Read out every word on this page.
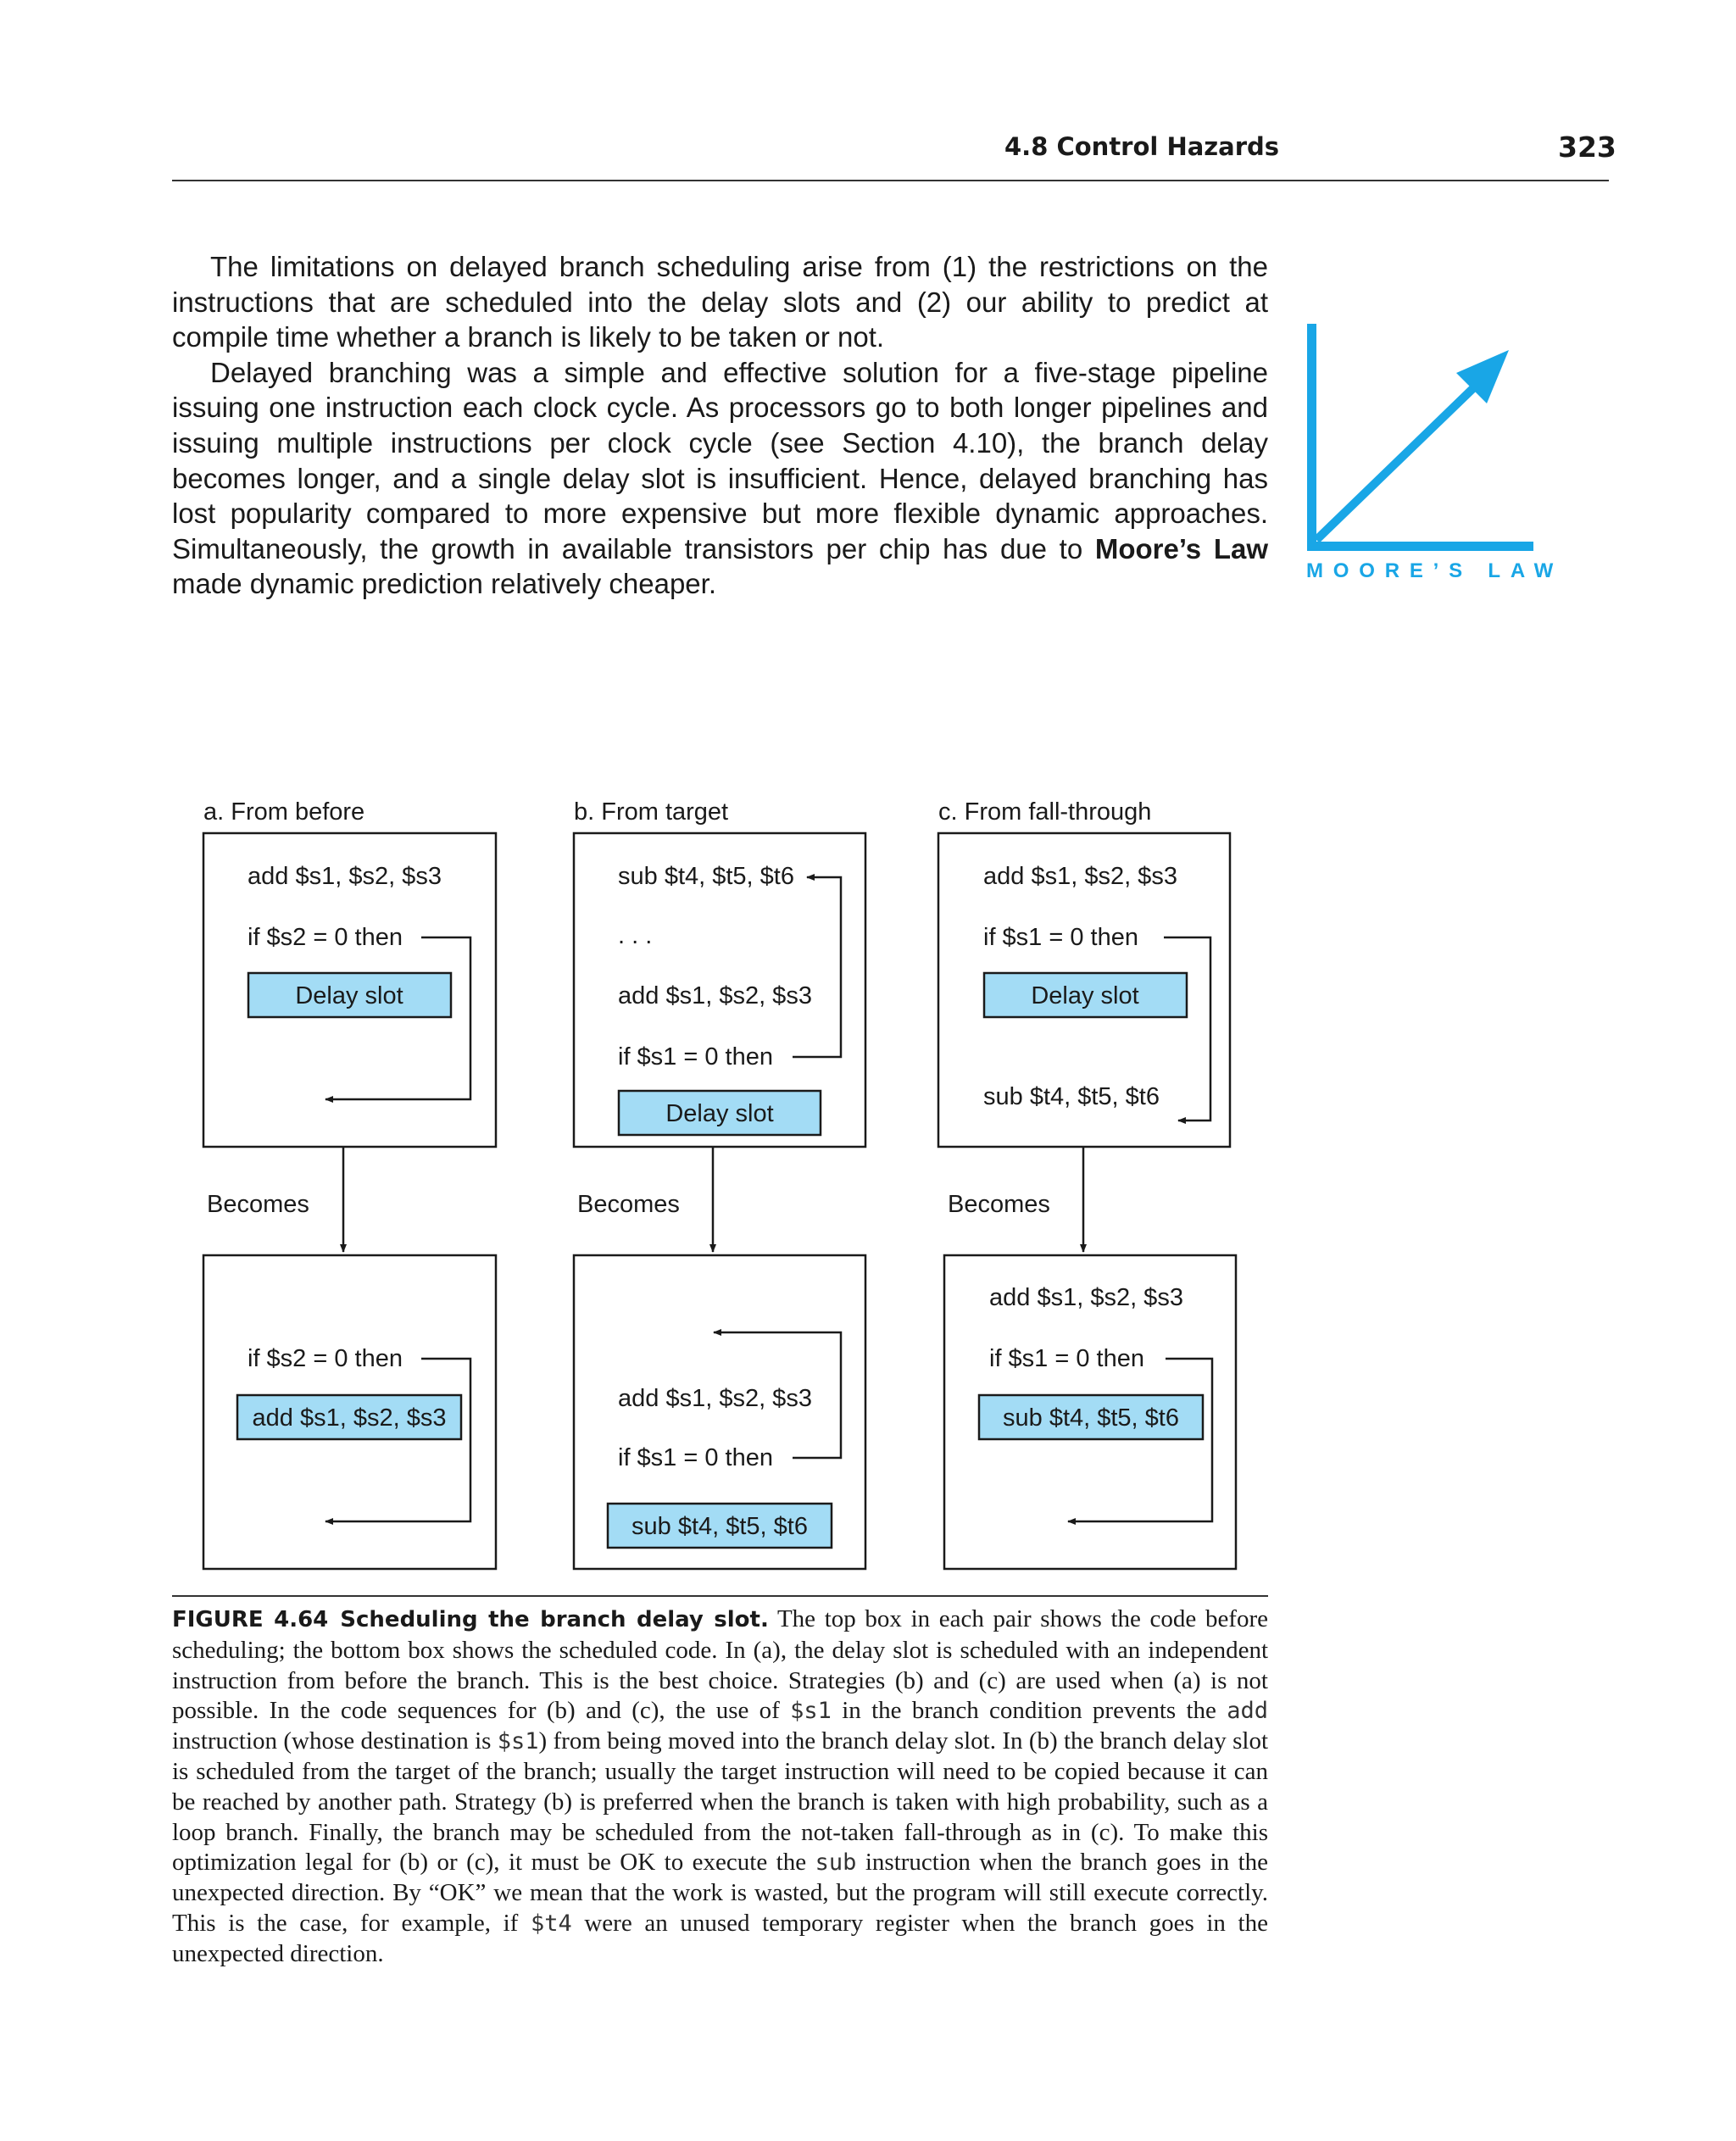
4.8 Control Hazards	323

The limitations on delayed branch scheduling arise from (1) the restrictions on the instructions that are scheduled into the delay slots and (2) our ability to predict at compile time whether a branch is likely to be taken or not.

Delayed branching was a simple and effective solution for a five-stage pipeline issuing one instruction each clock cycle. As processors go to both longer pipelines and issuing multiple instructions per clock cycle (see Section 4.10), the branch delay becomes longer, and a single delay slot is insufficient. Hence, delayed branching has lost popularity compared to more expensive but more flexible dynamic approaches. Simultaneously, the growth in available transistors per chip has due to Moore’s Law made dynamic prediction relatively cheaper.	MOORE’S LAW
a. From before	b. From target	c. From fall-through
Becomes	Becomes	Becomes
add $s1, $s2, $s3
if $s2 = 0 then
Delay slot
sub $t4, $t5, $t6
. . .
add $s1, $s2, $s3
if $s1 = 0 then
Delay slot
add $s1, $s2, $s3
if $s1 = 0 then
Delay slot
sub $t4, $t5, $t6
if $s2 = 0 then
add $s1, $s2, $s3
add $s1, $s2, $s3
if $s1 = 0 then
sub $t4, $t5, $t6
add $s1, $s2, $s3
if $s1 = 0 then
sub $t4, $t5, $t6
FIGURE 4.64 Scheduling the branch delay slot. The top box in each pair shows the code before scheduling; the bottom box shows the scheduled code. In (a), the delay slot is scheduled with an independent instruction from before the branch. This is the best choice. Strategies (b) and (c) are used when (a) is not possible. In the code sequences for (b) and (c), the use of $s1 in the branch condition prevents the add instruction (whose destination is $s1) from being moved into the branch delay slot. In (b) the branch delay slot is scheduled from the target of the branch; usually the target instruction will need to be copied because it can be reached by another path. Strategy (b) is preferred when the branch is taken with high probability, such as a loop branch. Finally, the branch may be scheduled from the not-taken fall-through as in (c). To make this optimization legal for (b) or (c), it must be OK to execute the sub instruction when the branch goes in the unexpected direction. By “OK” we mean that the work is wasted, but the program will still execute correctly. This is the case, for example, if $t4 were an unused temporary register when the branch goes in the unexpected direction.
